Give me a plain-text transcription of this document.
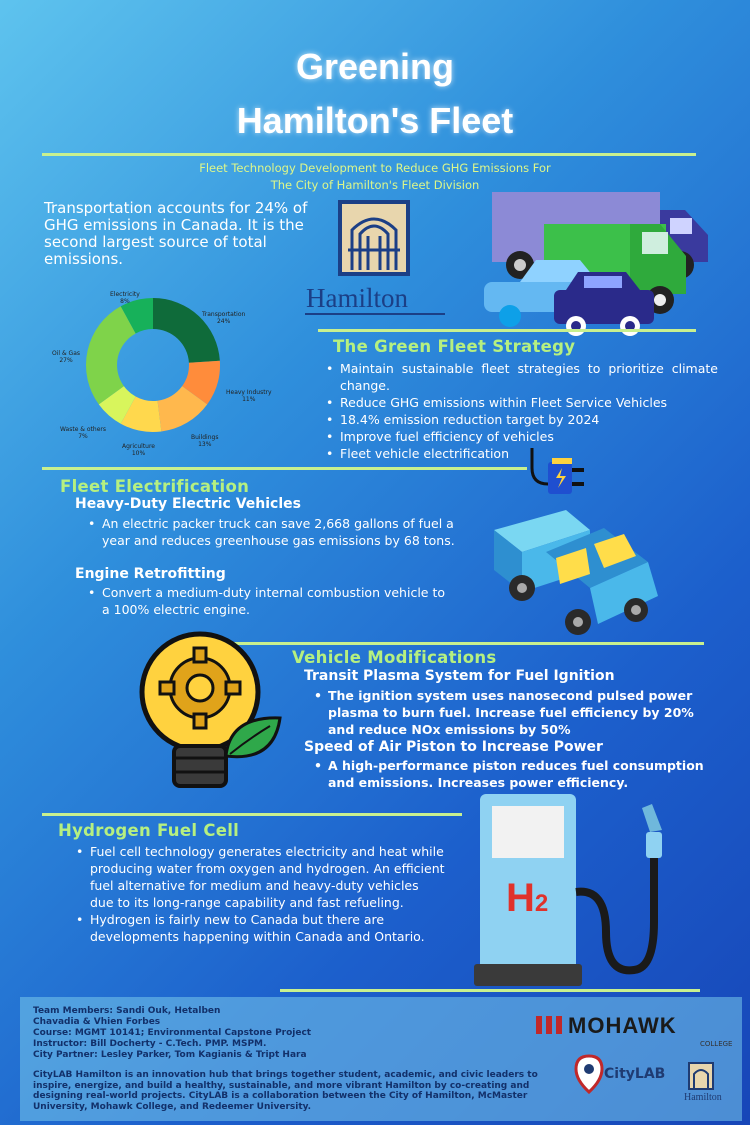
Greening
Hamilton's Fleet
Fleet Technology Development to Reduce GHG Emissions For
The City of Hamilton's Fleet Division
Transportation accounts for 24% of GHG emissions in Canada. It is the second largest source of total emissions.
Electricity
8%
Transportation
24%
Heavy Industry
11%
Buildings
13%
Agriculture
10%
Waste & others
7%
Oil & Gas
27%
Hamilton
The Green Fleet Strategy
• Maintain sustainable fleet strategies to prioritize climate change.
• Reduce GHG emissions within Fleet Service Vehicles
• 18.4% emission reduction target by 2024
• Improve fuel efficiency of vehicles
• Fleet vehicle electrification
Fleet Electrification
Heavy-Duty Electric Vehicles
• An electric packer truck can save 2,668 gallons of fuel a year and reduces greenhouse gas emissions by 68 tons.
Engine Retrofitting
• Convert a medium-duty internal combustion vehicle to a 100% electric engine.
Vehicle Modifications
Transit Plasma System for Fuel Ignition
• The ignition system uses nanosecond pulsed power plasma to burn fuel. Increase fuel efficiency by 20% and reduce NOx emissions by 50%
Speed of Air Piston to Increase Power
• A high-performance piston reduces fuel consumption and emissions. Increases power efficiency.
Hydrogen Fuel Cell
• Fuel cell technology generates electricity and heat while producing water from oxygen and hydrogen. An efficient fuel alternative for medium and heavy-duty vehicles due to its long-range capability and fast refueling.
• Hydrogen is fairly new to Canada but there are developments happening within Canada and Ontario.
H2
Team Members: Sandi Ouk, Hetalben
Chavadia & Vhien Forbes
Course: MGMT 10141; Environmental Capstone Project
Instructor: Bill Docherty - C.Tech. PMP. MSPM.
City Partner: Lesley Parker, Tom Kagianis & Tript Hara
CityLAB Hamilton is an innovation hub that brings together student, academic, and civic leaders to inspire, energize, and build a healthy, sustainable, and more vibrant Hamilton by co-creating and designing real-world projects. CityLAB is a collaboration between the City of Hamilton, McMaster University, Mohawk College, and Redeemer University.
MOHAWK
COLLEGE
CityLAB
Hamilton
